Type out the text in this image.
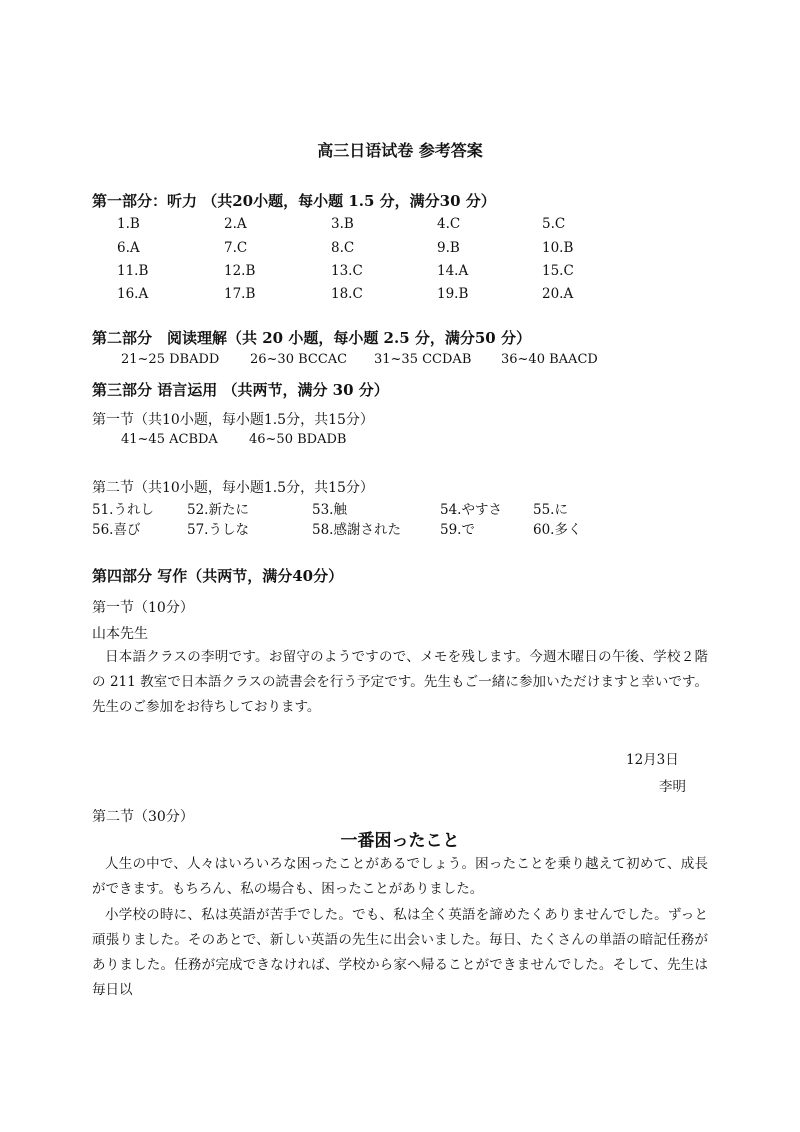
高三日语试卷 参考答案
第一部分：听力 （共20小题，每小题 1.5 分，满分30 分）
1.B	2.A	3.B	4.C	5.C
6.A	7.C	8.C	9.B	10.B
11.B	12.B	13.C	14.A	15.C
16.A	17.B	18.C	19.B	20.A
第二部分　阅读理解（共 20 小题，每小题 2.5 分，满分50 分）
21~25 DBADD 26~30 BCCAC 31~35 CCDAB 36~40 BAACD
第三部分 语言运用 （共两节，满分 30 分）
第一节（共10小题，每小题1.5分，共15分）
41~45 ACBDA 46~50 BDADB
第二节（共10小题，每小题1.5分，共15分）
51.うれし 52.新たに	53.触	54.やすさ 55.に
56.喜び	57.うしな	58.感謝された	59.で	60.多く
第四部分 写作（共两节，满分40分）
第一节（10分）
山本先生
日本語クラスの李明です。お留守のようですので、メモを残します。今週木曜日の午後、学校２階の 211 教室で日本語クラスの読書会を行う予定です。先生もご一緒に参加いただけますと幸いです。先生のご参加をお待ちしております。
12月3日
李明
第二节（30分）
一番困ったこと
人生の中で、人々はいろいろな困ったことがあるでしょう。困ったことを乗り越えて初めて、成長ができます。もちろん、私の場合も、困ったことがありました。
小学校の時に、私は英語が苦手でした。でも、私は全く英語を諦めたくありませんでした。ずっと頑張りました。そのあとで、新しい英語の先生に出会いました。毎日、たくさんの単語の暗記任務がありました。任務が完成できなければ、学校から家へ帰ることができませんでした。そして、先生は毎日以
